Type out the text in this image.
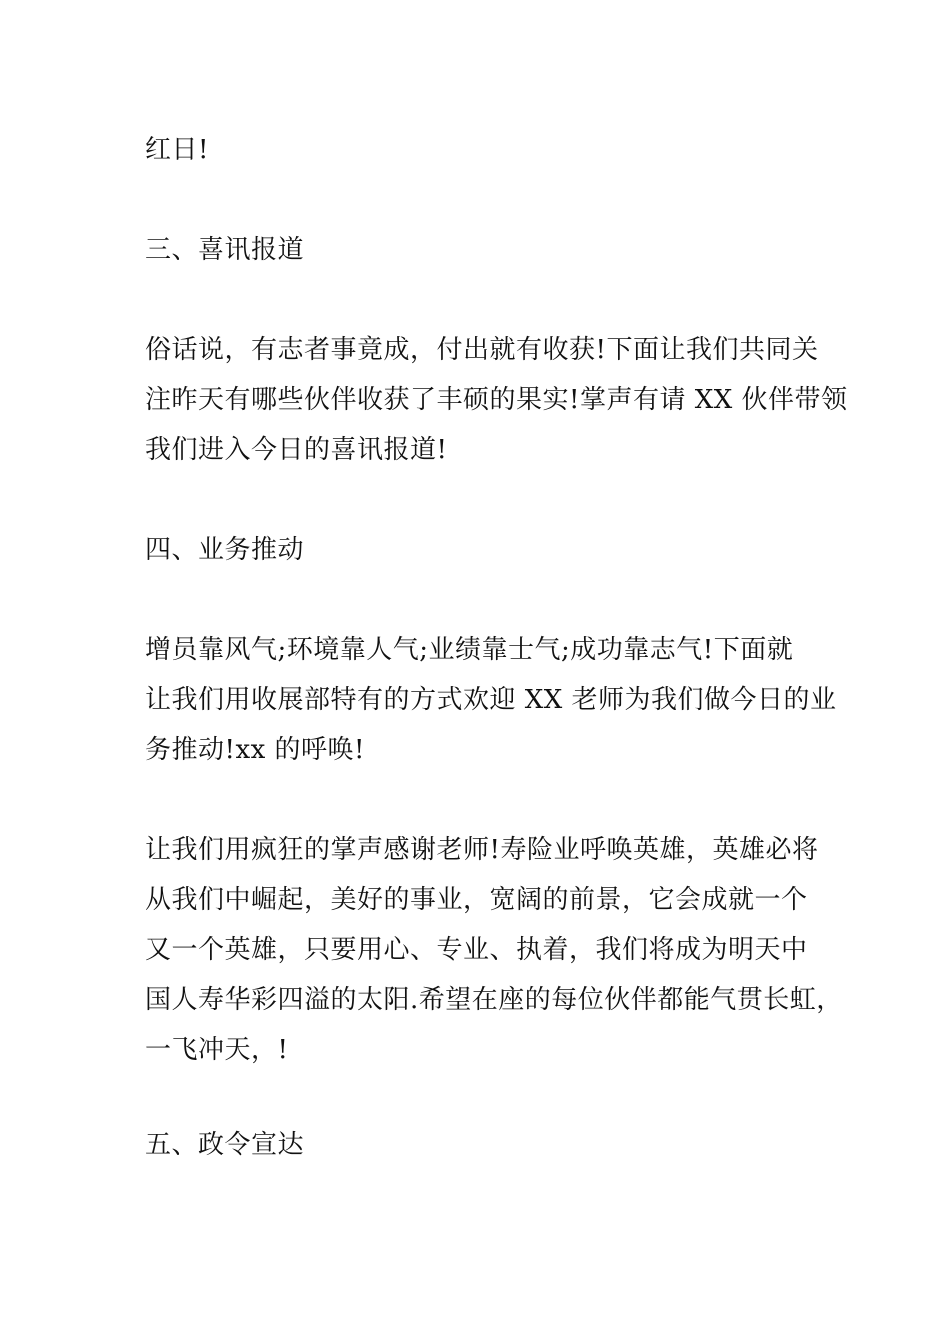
红日!

三、喜讯报道

俗话说，有志者事竟成，付出就有收获!下面让我们共同关
注昨天有哪些伙伴收获了丰硕的果实!掌声有请 XX 伙伴带领
我们进入今日的喜讯报道!

四、业务推动

增员靠风气;环境靠人气;业绩靠士气;成功靠志气!下面就
让我们用收展部特有的方式欢迎 XX 老师为我们做今日的业
务推动!xx 的呼唤!

让我们用疯狂的掌声感谢老师!寿险业呼唤英雄，英雄必将
从我们中崛起，美好的事业，宽阔的前景，它会成就一个
又一个英雄，只要用心、专业、执着，我们将成为明天中
国人寿华彩四溢的太阳.希望在座的每位伙伴都能气贯长虹，
一飞冲天，!

五、政令宣达
